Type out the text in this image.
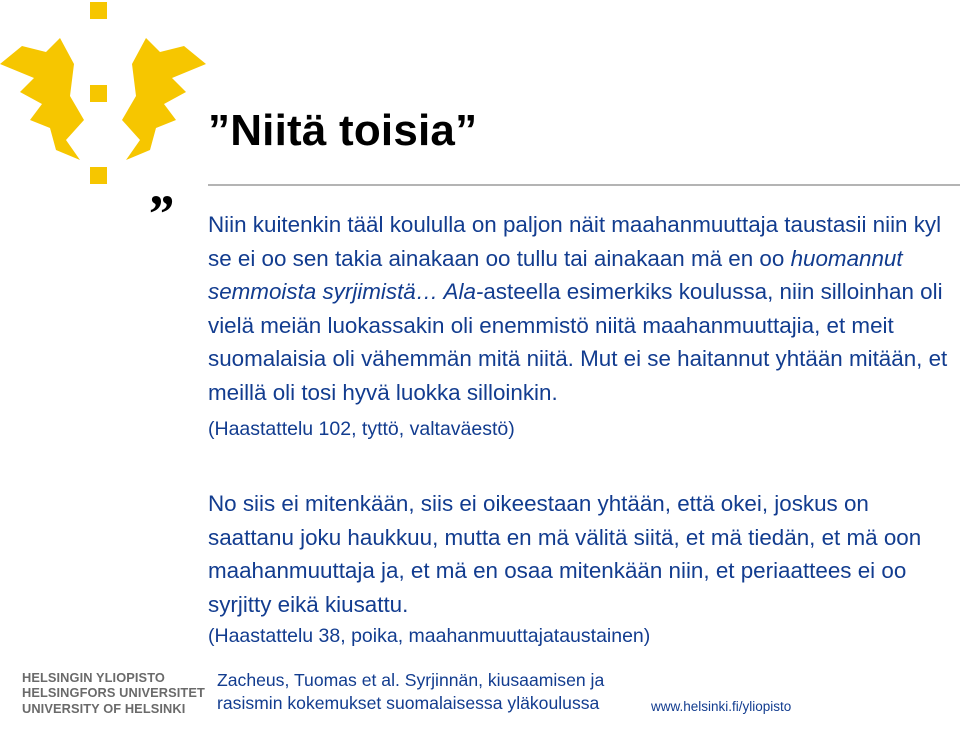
”Niitä toisia”
” Niin kuitenkin tääl koululla on paljon näit maahanmuuttaja taustasii niin kyl se ei oo sen takia ainakaan oo tullu tai ainakaan mä en oo huomannut semmoista syrjimistä… Ala-asteella esimerkiks koulussa, niin silloinhan oli vielä meiän luokassakin oli enemmistö niitä maahanmuuttajia, et meit suomalaisia oli vähemmän mitä niitä. Mut ei se haitannut yhtään mitään, et meillä oli tosi hyvä luokka silloinkin.

(Haastattelu 102, tyttö, valtaväestö)

No siis ei mitenkään, siis ei oikeestaan yhtään, että okei, joskus on saattanu joku haukkuu, mutta en mä välitä siitä, et mä tiedän, et mä oon maahanmuuttaja ja, et mä en osaa mitenkään niin, et periaattees ei oo syrjitty eikä kiusattu.

(Haastattelu 38, poika, maahanmuuttajataustainen)

HELSINGIN YLIOPISTO
HELSINGFORS UNIVERSITET
UNIVERSITY OF HELSINKI
Zacheus, Tuomas et al. Syrjinnän, kiusaamisen ja rasismin kokemukset suomalaisessa yläkoulussa	www.helsinki.fi/yliopisto
